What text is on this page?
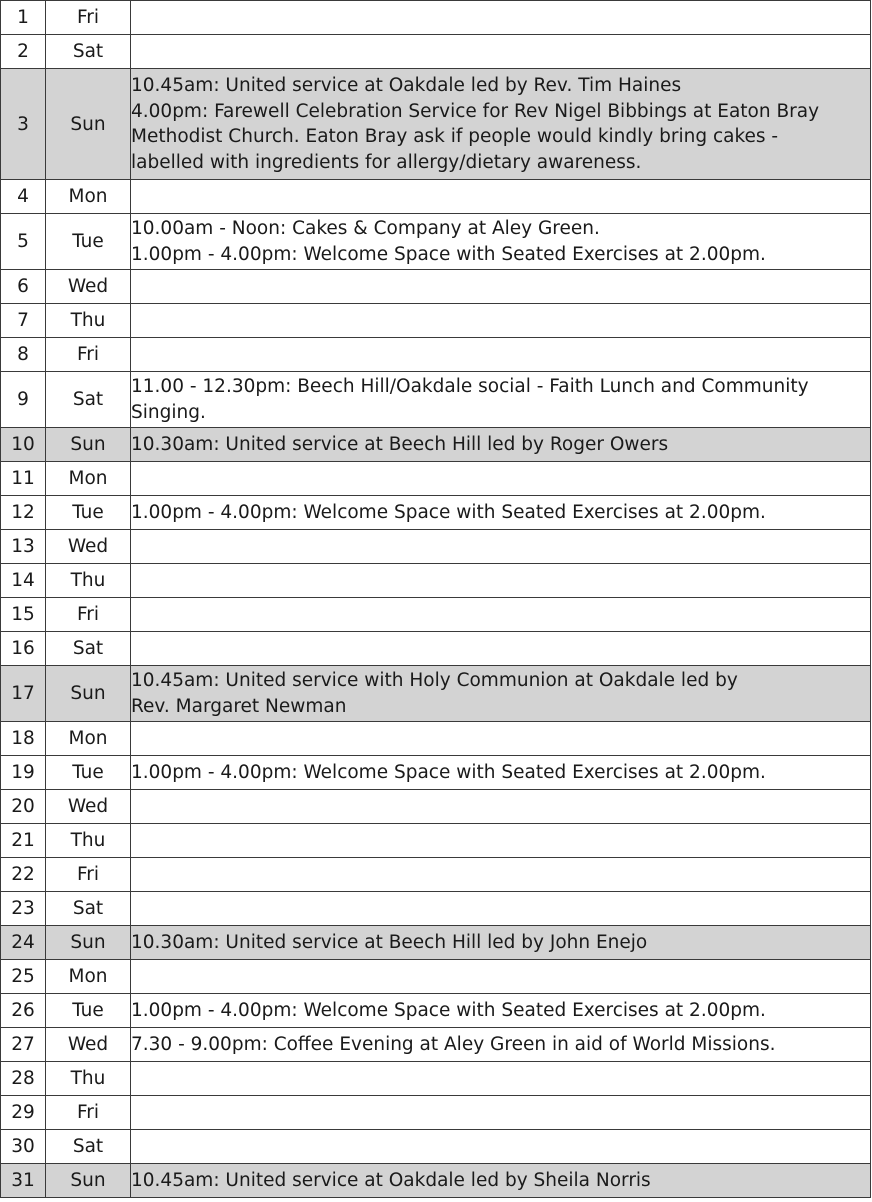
1	Fri	
2	Sat	
3	Sun	10.45am: United service at Oakdale led by Rev. Tim Haines
4.00pm: Farewell Celebration Service for Rev Nigel Bibbings at Eaton Bray
Methodist Church. Eaton Bray ask if people would kindly bring cakes -
labelled with ingredients for allergy/dietary awareness.

4	Mon	
5	Tue	10.00am - Noon: Cakes & Company at Aley Green.
1.00pm - 4.00pm: Welcome Space with Seated Exercises at 2.00pm.

6	Wed	
7	Thu	
8	Fri	
9	Sat	11.00 - 12.30pm: Beech Hill/Oakdale social - Faith Lunch and Community
Singing.

10	Sun	10.30am: United service at Beech Hill led by Roger Owers

11	Mon	
12	Tue	1.00pm - 4.00pm: Welcome Space with Seated Exercises at 2.00pm.

13	Wed	
14	Thu	
15	Fri	
16	Sat	
17	Sun	10.45am: United service with Holy Communion at Oakdale led by
Rev. Margaret Newman

18	Mon	
19	Tue	1.00pm - 4.00pm: Welcome Space with Seated Exercises at 2.00pm.

20	Wed	
21	Thu	
22	Fri	
23	Sat	
24	Sun	10.30am: United service at Beech Hill led by John Enejo

25	Mon	
26	Tue	1.00pm - 4.00pm: Welcome Space with Seated Exercises at 2.00pm.

27	Wed	7.30 - 9.00pm: Coffee Evening at Aley Green in aid of World Missions.

28	Thu	
29	Fri	
30	Sat	
31	Sun	10.45am: United service at Oakdale led by Sheila Norris
